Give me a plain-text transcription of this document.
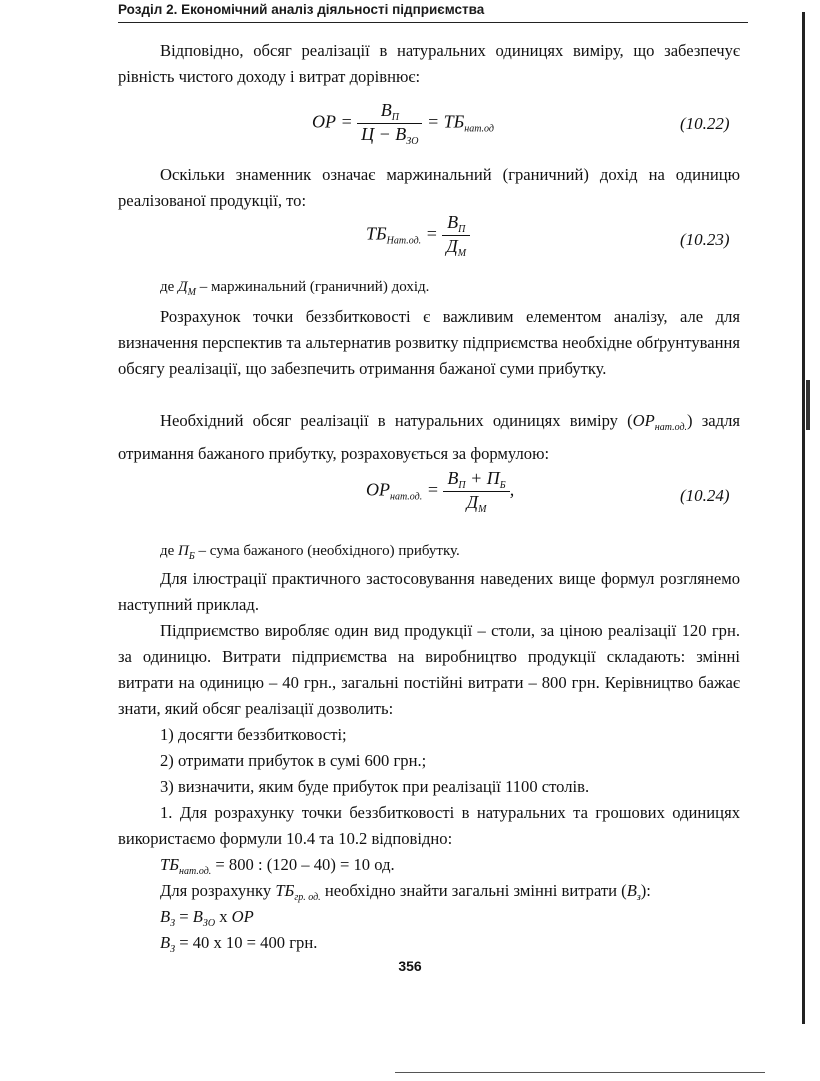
Розділ 2. Економічний аналіз діяльності підприємства
Відповідно, обсяг реалізації в натуральних одиницях виміру, що забезпечує рівність чистого доходу і витрат дорівнює:
ОР = $\frac{В_П}{Ц - В_{ЗО}} = ТБ_{нат.од}$	(10.22)
Оскільки знаменник означає маржинальний (граничний) дохід на одиницю реалізованої продукції, то:
$ТБ_{Нат.од.} = \frac{В_П}{Д_М}$	(10.23)
де $Д_М$ – маржинальний (граничний) дохід.
Розрахунок точки беззбитковості є важливим елементом аналізу, але для визначення перспектив та альтернатив розвитку підприємства необхідне обґрунтування обсягу реалізації, що забезпечить отримання бажаної суми прибутку.
Необхідний обсяг реалізації в натуральних одиницях виміру $(ОР_{нат.од.})$ задля отримання бажаного прибутку, розраховується за формулою:
$ОР_{нат.од.} = \frac{В_П + П_Б}{Д_М}$ ,	(10.24)
де $П_Б$ – сума бажаного (необхідного) прибутку.
Для ілюстрації практичного застосовування наведених вище формул розглянемо наступний приклад.
Підприємство виробляє один вид продукції – столи, за ціною реалізації 120 грн. за одиницю. Витрати підприємства на виробництво продукції складають: змінні витрати на одиницю – 40 грн., загальні постійні витрати – 800 грн. Керівництво бажає знати, який обсяг реалізації дозволить:
1) досягти беззбитковості;
2) отримати прибуток в сумі 600 грн.;
3) визначити, яким буде прибуток при реалізації 1100 столів.
1. Для розрахунку точки беззбитковості в натуральних та грошових одиницях використаємо формули 10.4 та 10.2 відповідно:
$ТБ_{нат.од.} = 800$ : (120 – 40) = 10 од.
Для розрахунку $ТБ_{гр. од.}$ необхідно знайти загальні змінні витрати $(В_з)$:
$В_З = В_{ЗО}$ х ОР
$В_З = 40$ х 10 = 400 грн.
356
